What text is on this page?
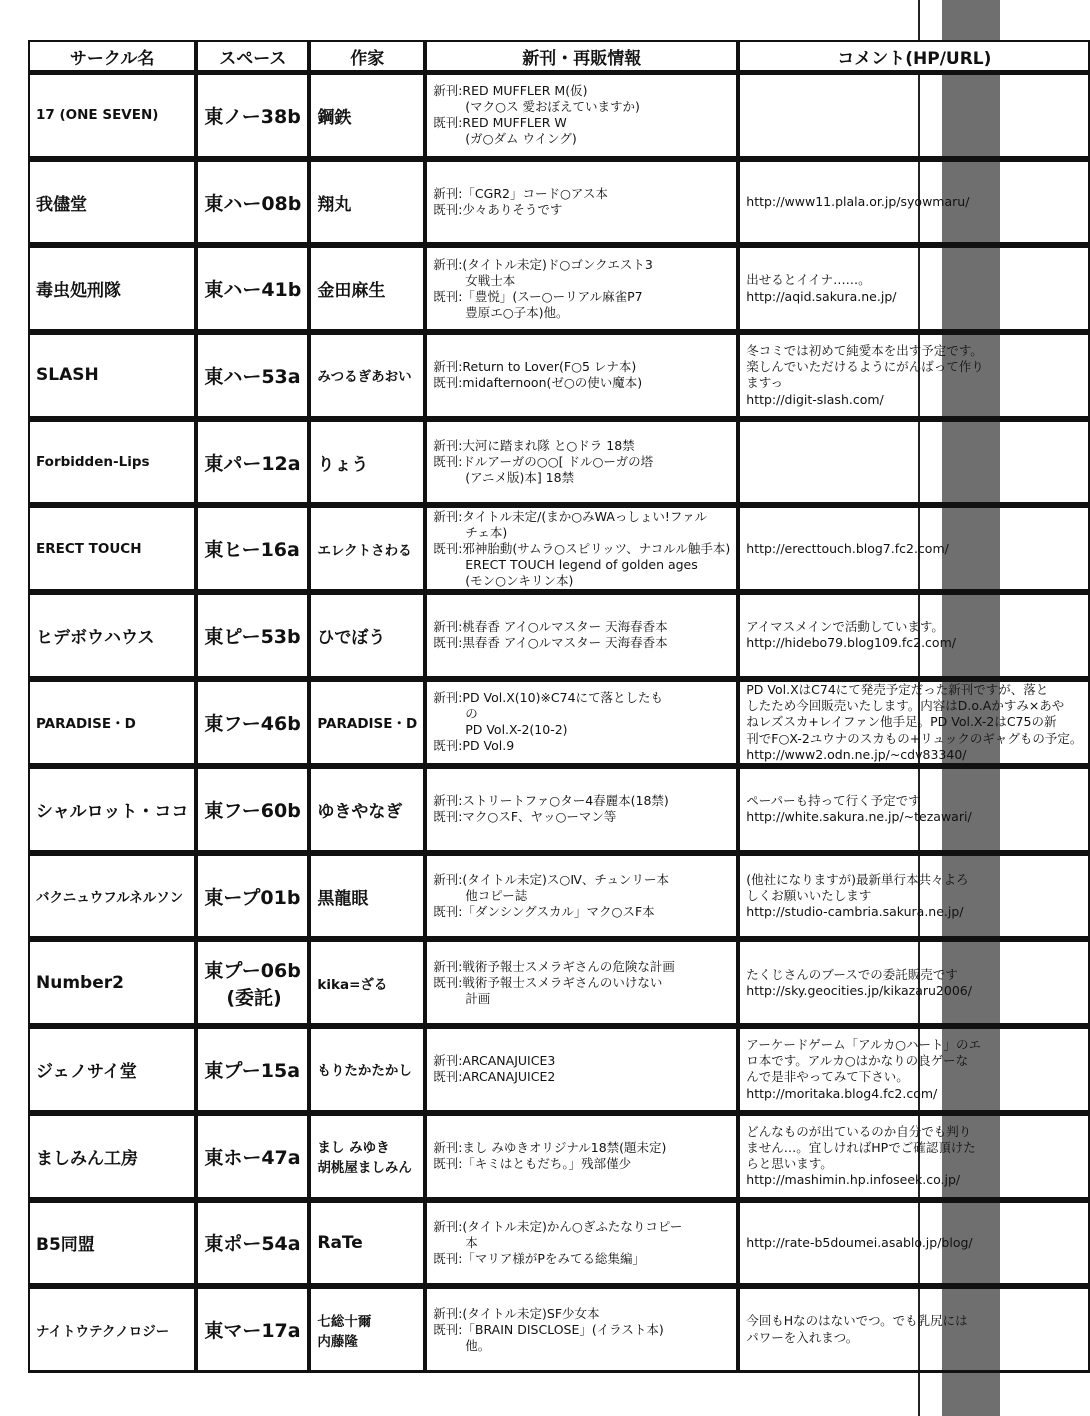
サークル名	スペース	作家	新刊・再販情報	コメント(HP/URL)

17 (ONE SEVEN)	東ノー38b	鋼鉄	新刊:RED MUFFLER M(仮)
(マク○ス 愛おぼえていますか)
既刊:RED MUFFLER W
(ガ○ダム ウイング)	

我儘堂	東ハー08b	翔丸	新刊:「CGR2」コード○アス本
既刊:少々ありそうです	http://www11.plala.or.jp/syowmaru/

毒虫処刑隊	東ハー41b	金田麻生	新刊:(タイトル未定)ド○ゴンクエスト3
女戦士本
既刊:「豊悦」(スー○ーリアル麻雀P7
豊原エ○子本)他。	出せるとイイナ……。
http://aqid.sakura.ne.jp/

SLASH	東ハー53a	みつるぎあおい	新刊:Return to Lover(F○5 レナ本)
既刊:midafternoon(ゼ○の使い魔本)	冬コミでは初めて純愛本を出す予定です。
楽しんでいただけるようにがんばって作り
ますっ
http://digit-slash.com/

Forbidden-Lips	東パー12a	りょう	新刊:大河に踏まれ隊 と○ドラ 18禁
既刊:ドルアーガの○○[ ドル○ーガの塔
(アニメ版)本] 18禁	

ERECT TOUCH	東ヒー16a	エレクトさわる	新刊:タイトル未定/(まか○みWAっしょい!ファル
チェ本)
既刊:邪神胎動(サムラ○スピリッツ、ナコルル触手本)
ERECT TOUCH legend of golden ages
(モン○ンキリン本)	http://erecttouch.blog7.fc2.com/

ヒデボウハウス	東ピー53b	ひでぼう	新刊:桃春香 アイ○ルマスター 天海春香本
既刊:黒春香 アイ○ルマスター 天海春香本	アイマスメインで活動しています。
http://hidebo79.blog109.fc2.com/

PARADISE・D	東フー46b	PARADISE・D	新刊:PD Vol.X(10)※C74にて落としたも
の
PD Vol.X-2(10-2)
既刊:PD Vol.9	PD Vol.XはC74にて発売予定だった新刊ですが、落と
したため今回販売いたします。内容はD.o.Aかすみ×あや
ねレズスカ+レイファン他手足。PD Vol.X-2はC75の新
刊でF○X-2ユウナのスカもの+リュックのギャグもの予定。
http://www2.odn.ne.jp/~cdv83340/

シャルロット・ココ	東フー60b	ゆきやなぎ	新刊:ストリートファ○ター4春麗本(18禁)
既刊:マク○スF、ヤッ○ーマン等	ペーパーも持って行く予定です
http://white.sakura.ne.jp/~tezawari/

バクニュウフルネルソン	東ープ01b	黒龍眼	新刊:(タイトル未定)ス○Ⅳ、チュンリー本
他コピー誌
既刊:「ダンシングスカル」マク○スF本	(他社になりますが)最新単行本共々よろ
しくお願いいたします
http://studio-cambria.sakura.ne.jp/

Number2	東プー06b
(委託)	kika=ざる	新刊:戦術予報士スメラギさんの危険な計画
既刊:戦術予報士スメラギさんのいけない
計画	たくじさんのブースでの委託販売です
http://sky.geocities.jp/kikazaru2006/

ジェノサイ堂	東プー15a	もりたかたかし	新刊:ARCANAJUICE3
既刊:ARCANAJUICE2	アーケードゲーム「アルカ○ハート」のエ
ロ本です。アルカ○はかなりの良ゲーな
んで是非やってみて下さい。
http://moritaka.blog4.fc2.com/

ましみん工房	東ホー47a	まし みゆき
胡桃屋ましみん	新刊:まし みゆきオリジナル18禁(題未定)
既刊:「キミはともだち。」残部僅少	どんなものが出ているのか自分でも判り
ません…。宜しければHPでご確認頂けた
らと思います。
http://mashimin.hp.infoseek.co.jp/

B5同盟	東ポー54a	RaTe	新刊:(タイトル未定)かん○ぎふたなりコピー
本
既刊:「マリア様がPをみてる総集編」	http://rate-b5doumei.asablo.jp/blog/

ナイトウテクノロジー	東マー17a	七総十爾
内藤隆	新刊:(タイトル未定)SF少女本
既刊:「BRAIN DISCLOSE」(イラスト本)
他。	今回もHなのはないでつ。でも乳尻には
パワーを入れまつ。
